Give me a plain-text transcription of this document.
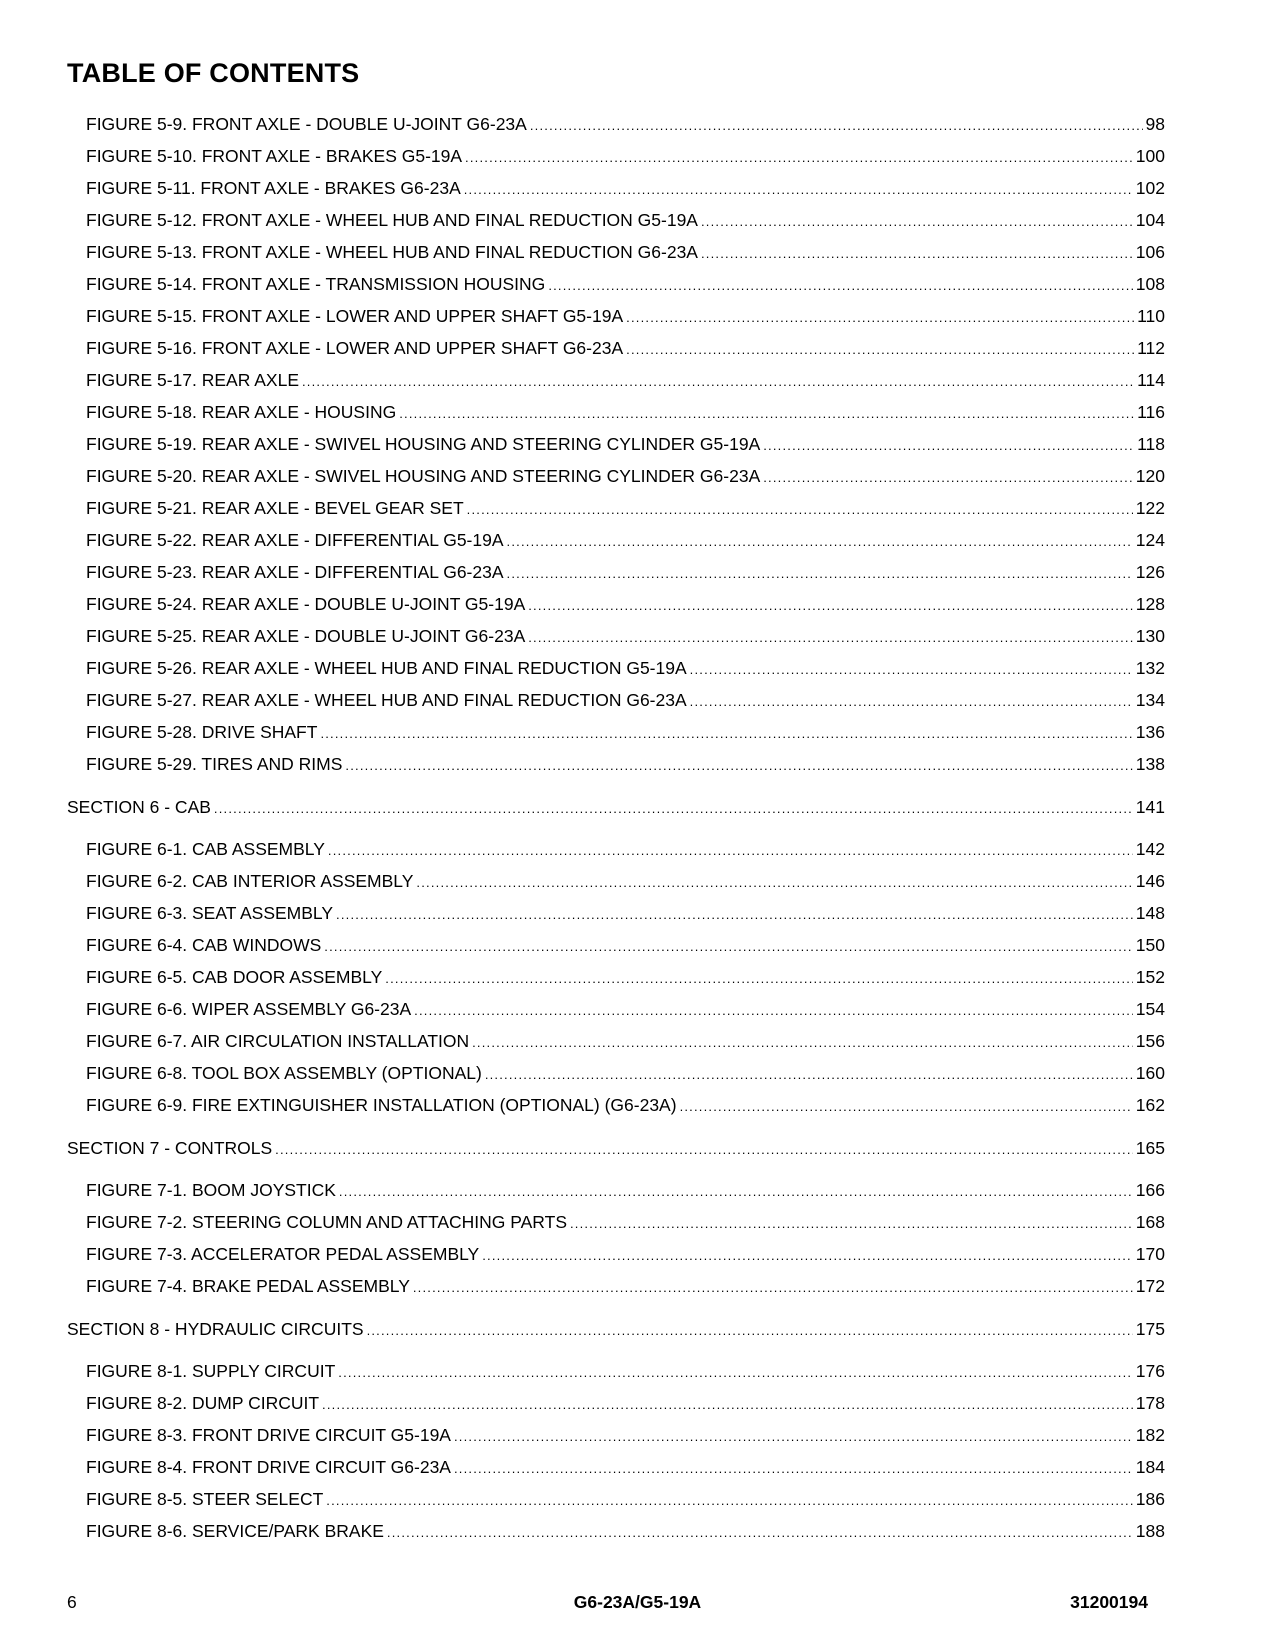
TABLE OF CONTENTS
FIGURE 5-9. FRONT AXLE - DOUBLE U-JOINT G6-23A .....	98
FIGURE 5-10. FRONT AXLE - BRAKES G5-19A .....	100
FIGURE 5-11. FRONT AXLE - BRAKES G6-23A .....	102
FIGURE 5-12. FRONT AXLE - WHEEL HUB AND FINAL REDUCTION G5-19A .....	104
FIGURE 5-13. FRONT AXLE - WHEEL HUB AND FINAL REDUCTION G6-23A .....	106
FIGURE 5-14. FRONT AXLE - TRANSMISSION HOUSING .....	108
FIGURE 5-15. FRONT AXLE - LOWER AND UPPER SHAFT G5-19A .....	110
FIGURE 5-16. FRONT AXLE - LOWER AND UPPER SHAFT G6-23A .....	112
FIGURE 5-17. REAR AXLE .....	114
FIGURE 5-18. REAR AXLE - HOUSING .....	116
FIGURE 5-19. REAR AXLE - SWIVEL HOUSING AND STEERING CYLINDER G5-19A .....	118
FIGURE 5-20. REAR AXLE - SWIVEL HOUSING AND STEERING CYLINDER G6-23A .....	120
FIGURE 5-21. REAR AXLE - BEVEL GEAR SET .....	122
FIGURE 5-22. REAR AXLE - DIFFERENTIAL G5-19A .....	124
FIGURE 5-23. REAR AXLE - DIFFERENTIAL G6-23A .....	126
FIGURE 5-24. REAR AXLE - DOUBLE U-JOINT G5-19A .....	128
FIGURE 5-25. REAR AXLE - DOUBLE U-JOINT G6-23A .....	130
FIGURE 5-26. REAR AXLE - WHEEL HUB AND FINAL REDUCTION G5-19A .....	132
FIGURE 5-27. REAR AXLE - WHEEL HUB AND FINAL REDUCTION G6-23A .....	134
FIGURE 5-28. DRIVE SHAFT .....	136
FIGURE 5-29. TIRES AND RIMS .....	138
SECTION 6 - CAB .....	141
FIGURE 6-1. CAB ASSEMBLY .....	142
FIGURE 6-2. CAB INTERIOR ASSEMBLY .....	146
FIGURE 6-3. SEAT ASSEMBLY .....	148
FIGURE 6-4. CAB WINDOWS .....	150
FIGURE 6-5. CAB DOOR ASSEMBLY .....	152
FIGURE 6-6. WIPER ASSEMBLY G6-23A .....	154
FIGURE 6-7. AIR CIRCULATION INSTALLATION .....	156
FIGURE 6-8. TOOL BOX ASSEMBLY (OPTIONAL) .....	160
FIGURE 6-9. FIRE EXTINGUISHER INSTALLATION (OPTIONAL) (G6-23A) .....	162
SECTION 7 - CONTROLS .....	165
FIGURE 7-1. BOOM JOYSTICK .....	166
FIGURE 7-2. STEERING COLUMN AND ATTACHING PARTS .....	168
FIGURE 7-3. ACCELERATOR PEDAL ASSEMBLY .....	170
FIGURE 7-4. BRAKE PEDAL ASSEMBLY .....	172
SECTION 8 - HYDRAULIC CIRCUITS .....	175
FIGURE 8-1. SUPPLY CIRCUIT .....	176
FIGURE 8-2. DUMP CIRCUIT .....	178
FIGURE 8-3. FRONT DRIVE CIRCUIT G5-19A .....	182
FIGURE 8-4. FRONT DRIVE CIRCUIT G6-23A .....	184
FIGURE 8-5. STEER SELECT .....	186
FIGURE 8-6. SERVICE/PARK BRAKE .....	188
6	G6-23A/G5-19A	31200194
